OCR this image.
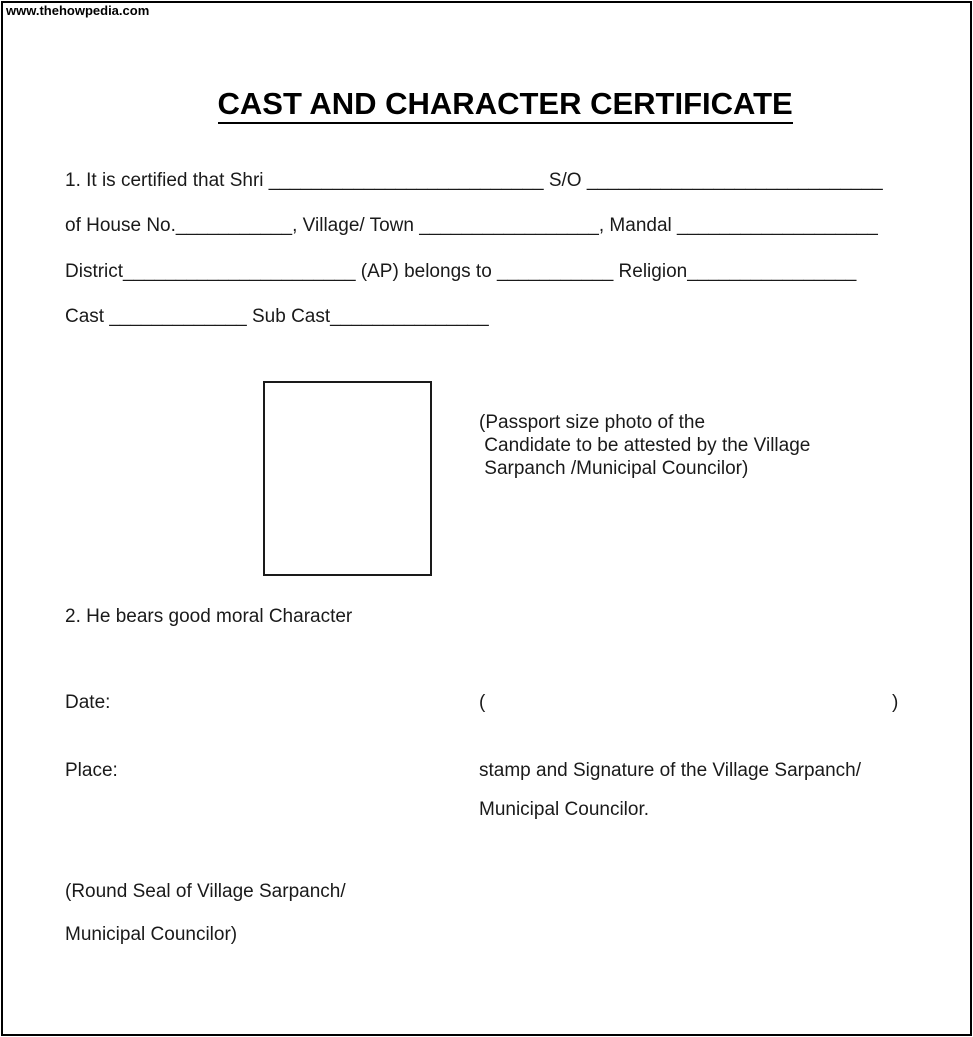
www.thehowpedia.com

CAST AND CHARACTER CERTIFICATE

1. It is certified that Shri __________________________ S/O ____________________________
of House No.___________, Village/ Town _________________, Mandal ___________________
District______________________ (AP) belongs to ___________ Religion________________
Cast _____________ Sub Cast_______________
(Passport size photo of the
Candidate to be attested by the Village
Sarpanch /Municipal Councilor)
2. He bears good moral Character
Date:	(	)
Place:	stamp and Signature of the Village Sarpanch/
Municipal Councilor.
(Round Seal of Village Sarpanch/
Municipal Councilor)
